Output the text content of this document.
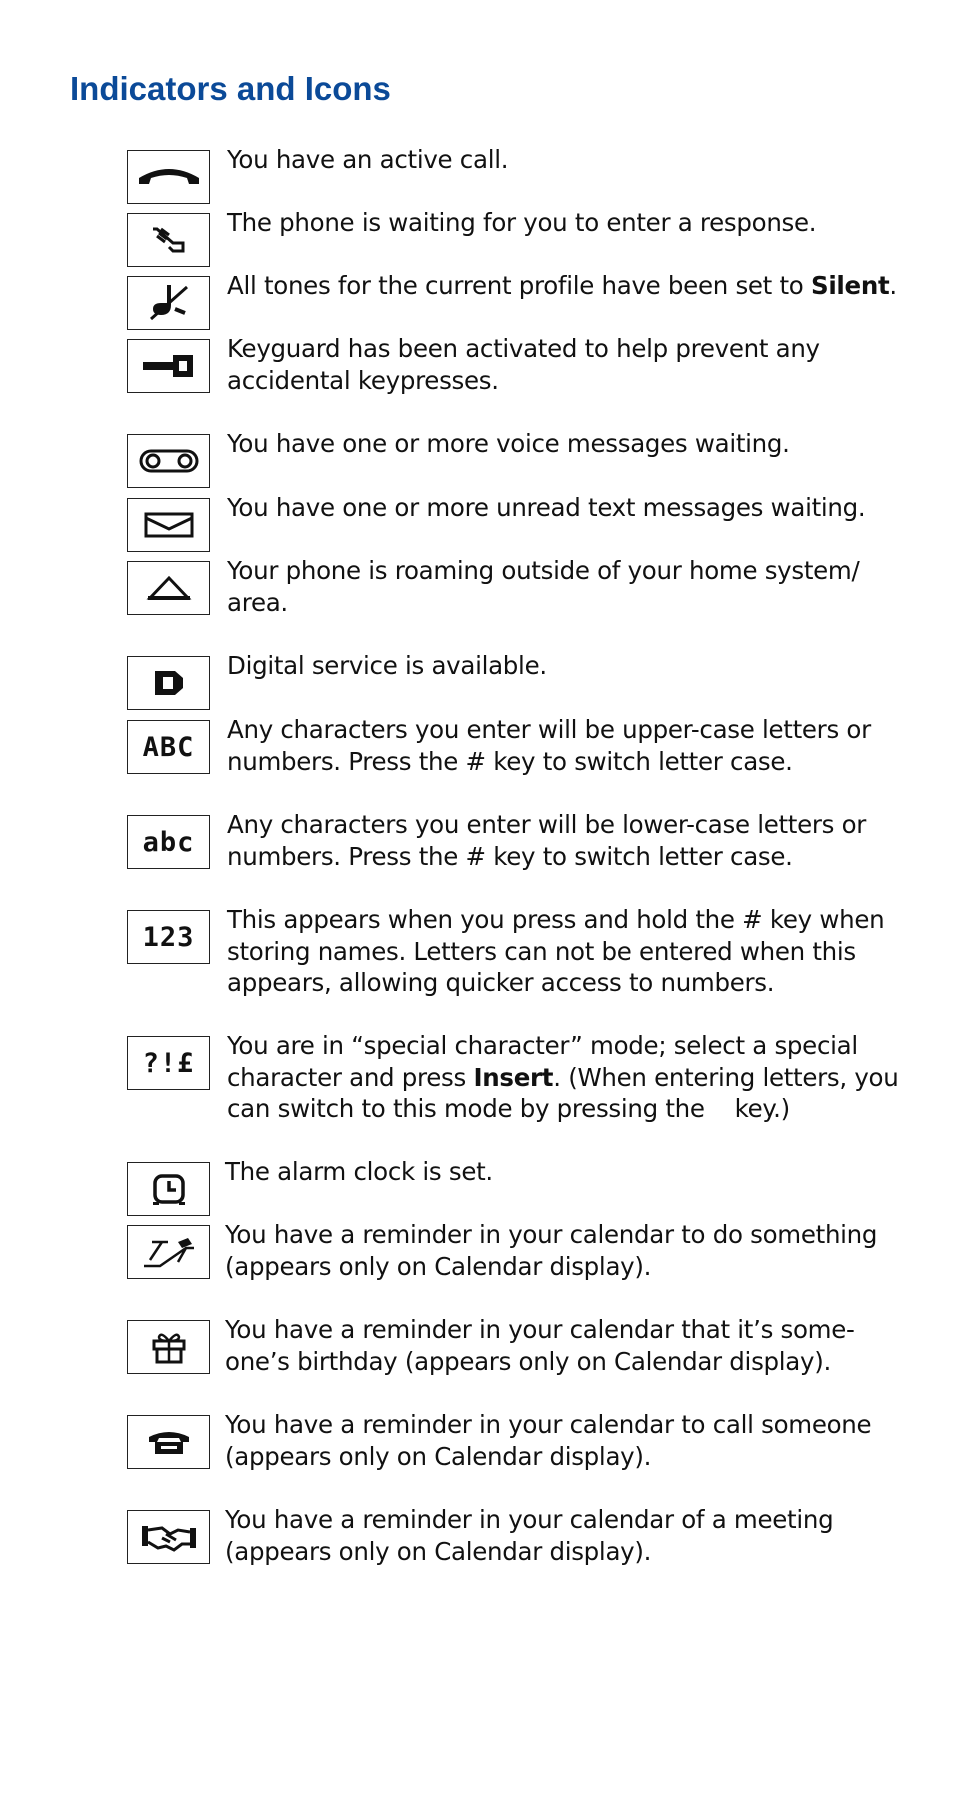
Indicators and Icons

You have an active call.

The phone is waiting for you to enter a response.

All tones for the current profile have been set to Silent.

Keyguard has been activated to help prevent any
accidental keypresses.

You have one or more voice messages waiting.

You have one or more unread text messages waiting.

Your phone is roaming outside of your home system/
area.

Digital service is available.

ABC

Any characters you enter will be upper-case letters or
numbers. Press the # key to switch letter case.

abc

Any characters you enter will be lower-case letters or
numbers. Press the # key to switch letter case.

123

This appears when you press and hold the # key when
storing names. Letters can not be entered when this
appears, allowing quicker access to numbers.

?!£

You are in “special character” mode; select a special
character and press Insert. (When entering letters, you
can switch to this mode by pressing the    key.)

The alarm clock is set.

You have a reminder in your calendar to do something
(appears only on Calendar display).

You have a reminder in your calendar that it’s some-
one’s birthday (appears only on Calendar display).

You have a reminder in your calendar to call someone
(appears only on Calendar display).

You have a reminder in your calendar of a meeting
(appears only on Calendar display).
